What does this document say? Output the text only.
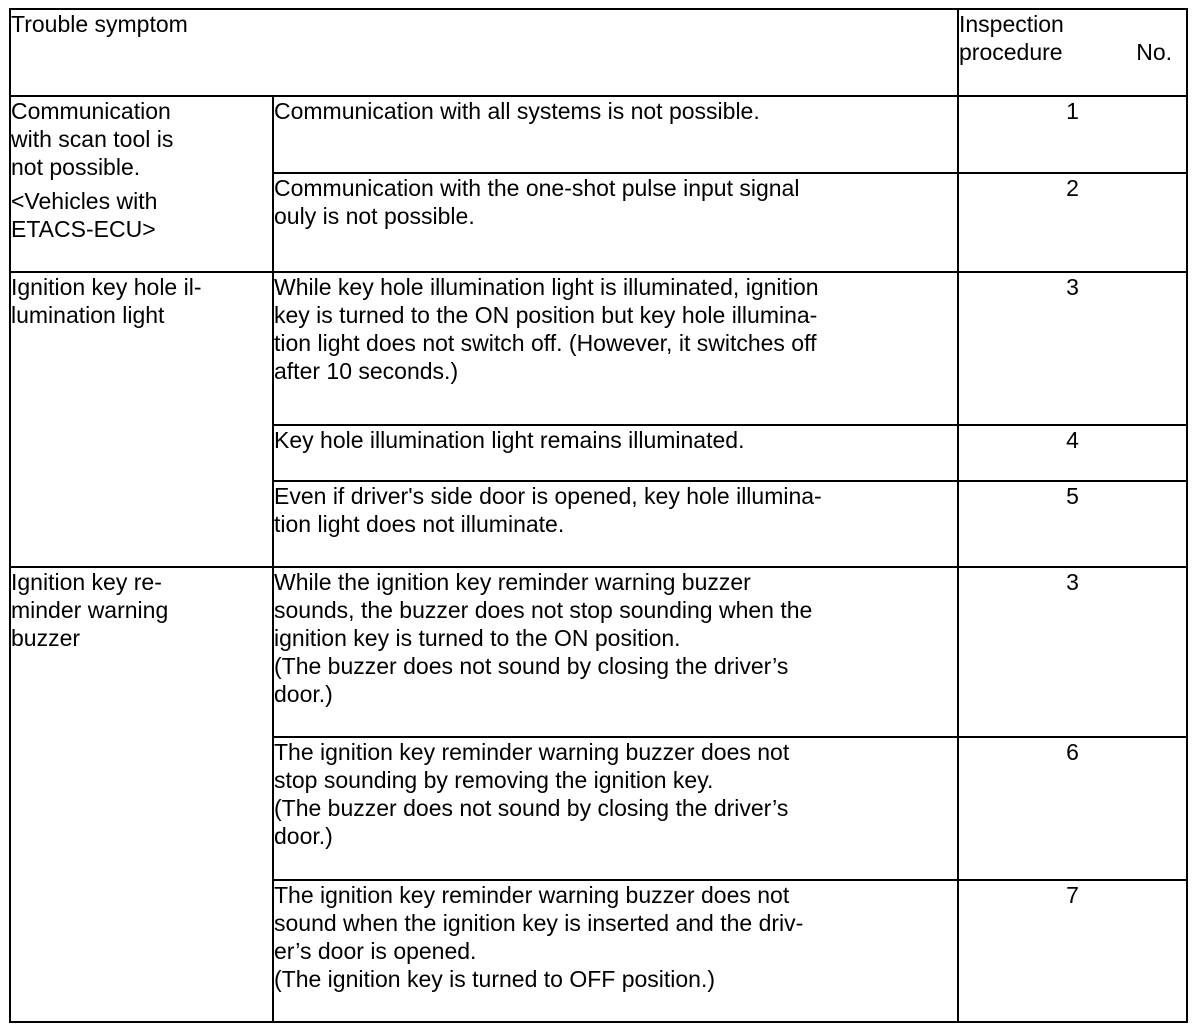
Trouble symptom		Inspection
procedure No.

Communication
with scan tool is
not possible.
<Vehicles with
ETACS-ECU>	Communication with all systems is not possible.	1

	Communication with the one-shot pulse input signal
ouly is not possible.	2

Ignition key hole il-
lumination light	While key hole illumination light is illuminated, ignition
key is turned to the ON position but key hole illumina-
tion light does not switch off. (However, it switches off
after 10 seconds.)	3

	Key hole illumination light remains illuminated.	4

	Even if driver's side door is opened, key hole illumina-
tion light does not illuminate.	5

Ignition key re-
minder warning
buzzer	While the ignition key reminder warning buzzer
sounds, the buzzer does not stop sounding when the
ignition key is turned to the ON position.
(The buzzer does not sound by closing the driver’s
door.)	3

	The ignition key reminder warning buzzer does not
stop sounding by removing the ignition key.
(The buzzer does not sound by closing the driver’s
door.)	6

	The ignition key reminder warning buzzer does not
sound when the ignition key is inserted and the driv-
er’s door is opened.
(The ignition key is turned to OFF position.)	7
